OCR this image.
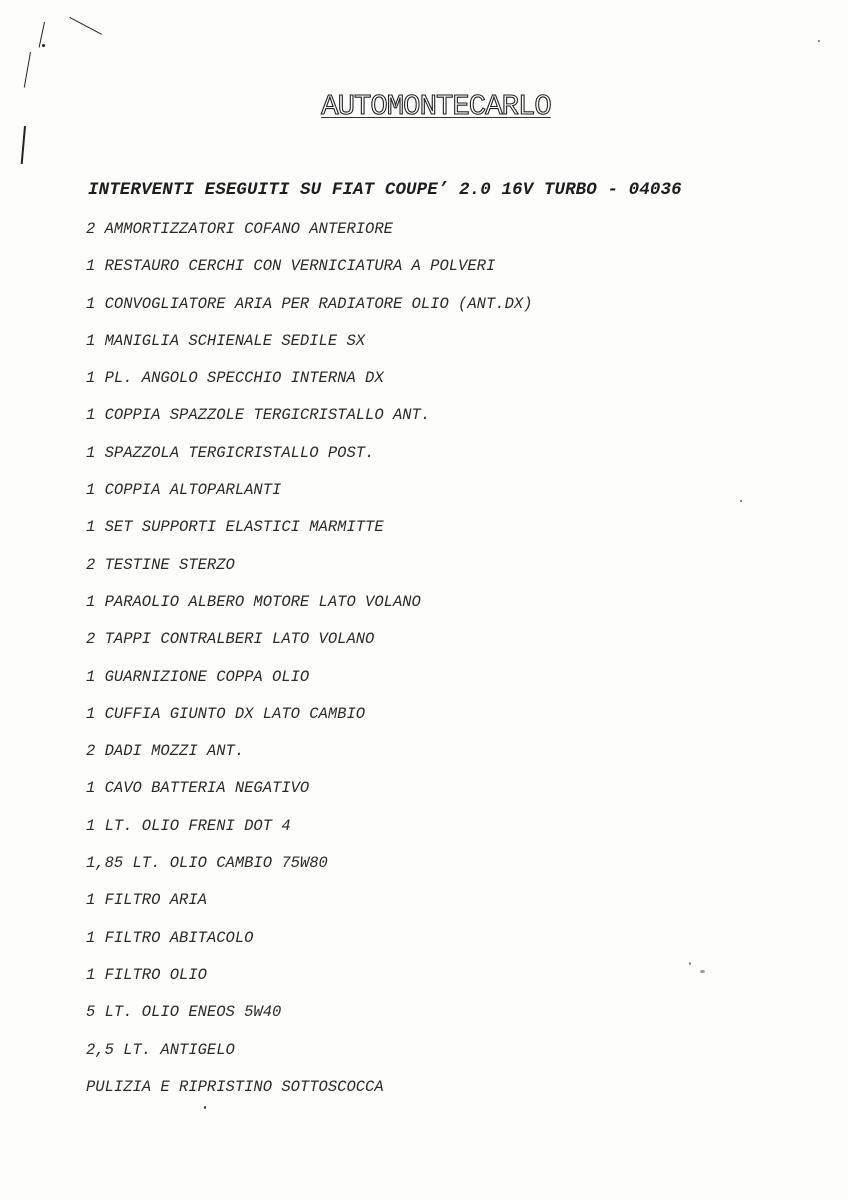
AUTOMONTECARLO
INTERVENTI ESEGUITI SU FIAT COUPE’ 2.0 16V TURBO - 04036
2 AMMORTIZZATORI COFANO ANTERIORE
1 RESTAURO CERCHI CON VERNICIATURA A POLVERI
1 CONVOGLIATORE ARIA PER RADIATORE OLIO (ANT.DX)
1 MANIGLIA SCHIENALE SEDILE SX
1 PL. ANGOLO SPECCHIO INTERNA DX
1 COPPIA SPAZZOLE TERGICRISTALLO ANT.
1 SPAZZOLA TERGICRISTALLO POST.
1 COPPIA ALTOPARLANTI
1 SET SUPPORTI ELASTICI MARMITTE
2 TESTINE STERZO
1 PARAOLIO ALBERO MOTORE LATO VOLANO
2 TAPPI CONTRALBERI LATO VOLANO
1 GUARNIZIONE COPPA OLIO
1 CUFFIA GIUNTO DX LATO CAMBIO
2 DADI MOZZI ANT.
1 CAVO BATTERIA NEGATIVO
1 LT. OLIO FRENI DOT 4
1,85 LT. OLIO CAMBIO 75W80
1 FILTRO ARIA
1 FILTRO ABITACOLO
1 FILTRO OLIO
5 LT. OLIO ENEOS 5W40
2,5 LT. ANTIGELO
PULIZIA E RIPRISTINO SOTTOSCOCCA
